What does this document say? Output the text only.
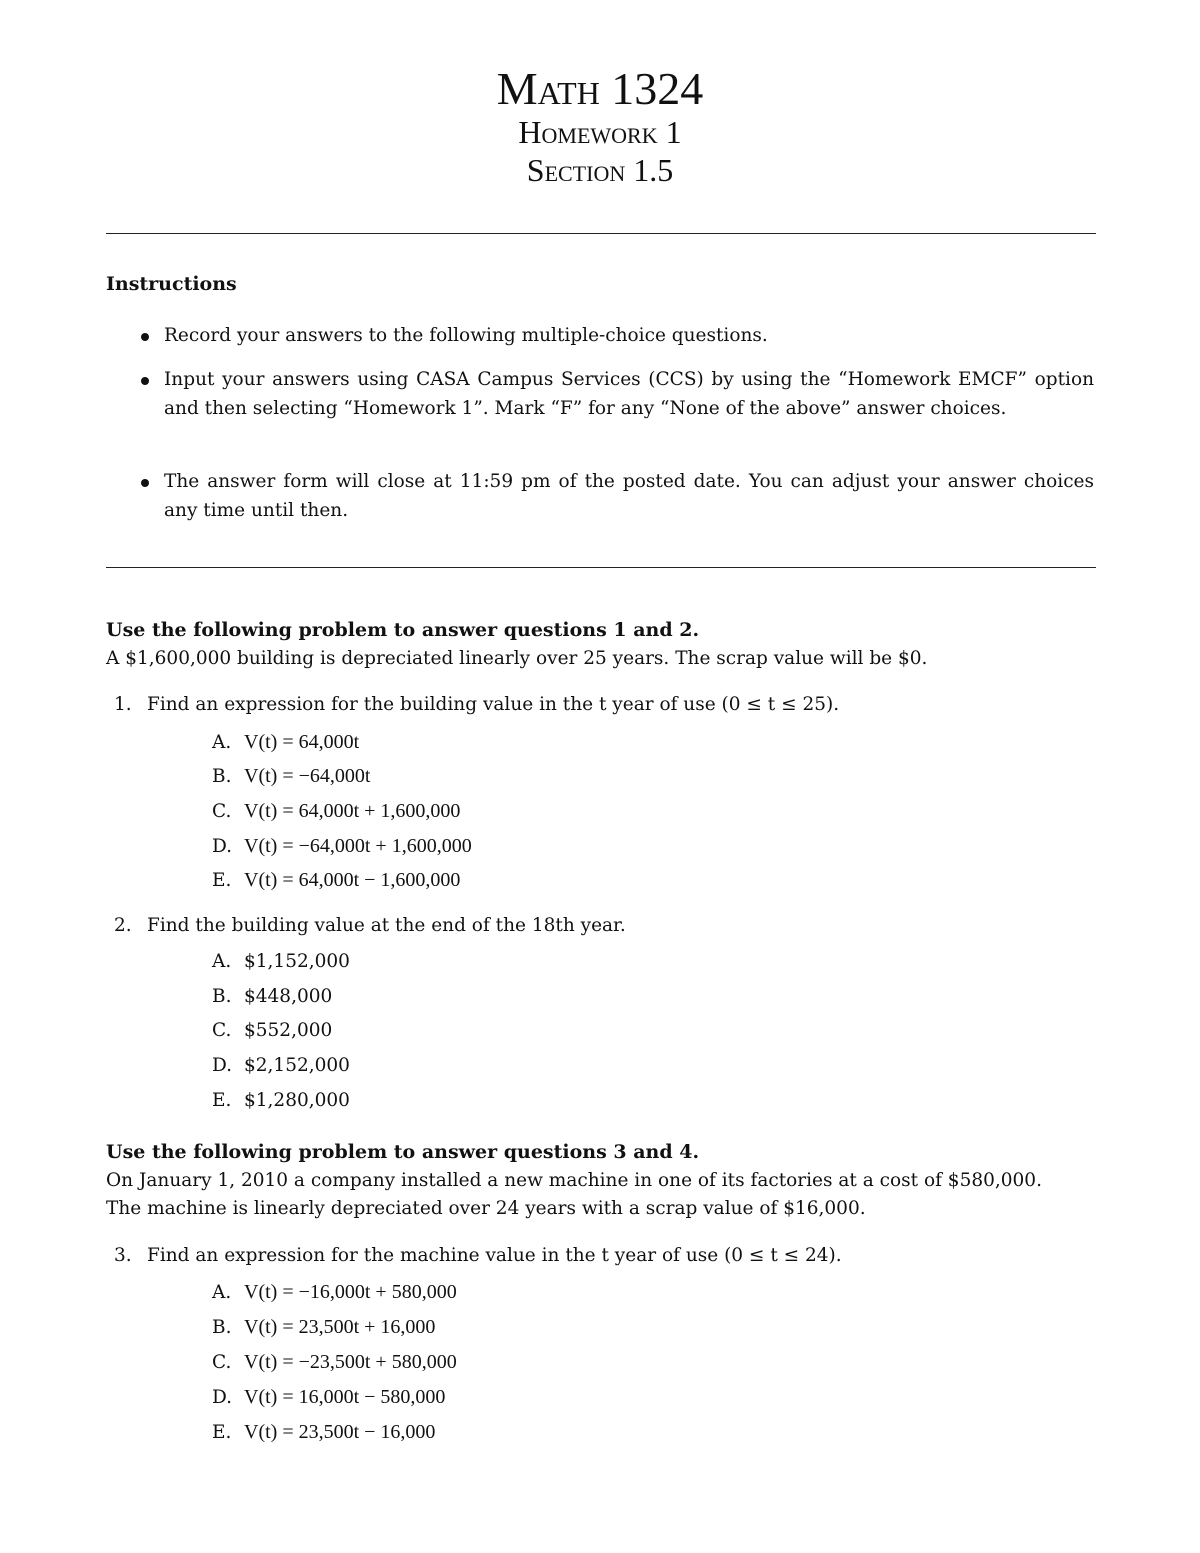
Math 1324
Homework 1
Section 1.5
Instructions
Record your answers to the following multiple-choice questions.
Input your answers using CASA Campus Services (CCS) by using the “Homework EMCF” option and then selecting “Homework 1”. Mark “F” for any “None of the above” answer choices.
The answer form will close at 11:59 pm of the posted date. You can adjust your answer choices any time until then.
Use the following problem to answer questions 1 and 2.
A $1,600,000 building is depreciated linearly over 25 years. The scrap value will be $0.
1. Find an expression for the building value in the t year of use (0 ≤ t ≤ 25).
A. V(t) = 64,000t
B. V(t) = −64,000t
C. V(t) = 64,000t + 1,600,000
D. V(t) = −64,000t + 1,600,000
E. V(t) = 64,000t − 1,600,000
2. Find the building value at the end of the 18th year.
A. $1,152,000
B. $448,000
C. $552,000
D. $2,152,000
E. $1,280,000
Use the following problem to answer questions 3 and 4.
On January 1, 2010 a company installed a new machine in one of its factories at a cost of $580,000.
The machine is linearly depreciated over 24 years with a scrap value of $16,000.
3. Find an expression for the machine value in the t year of use (0 ≤ t ≤ 24).
A. V(t) = −16,000t + 580,000
B. V(t) = 23,500t + 16,000
C. V(t) = −23,500t + 580,000
D. V(t) = 16,000t − 580,000
E. V(t) = 23,500t − 16,000
